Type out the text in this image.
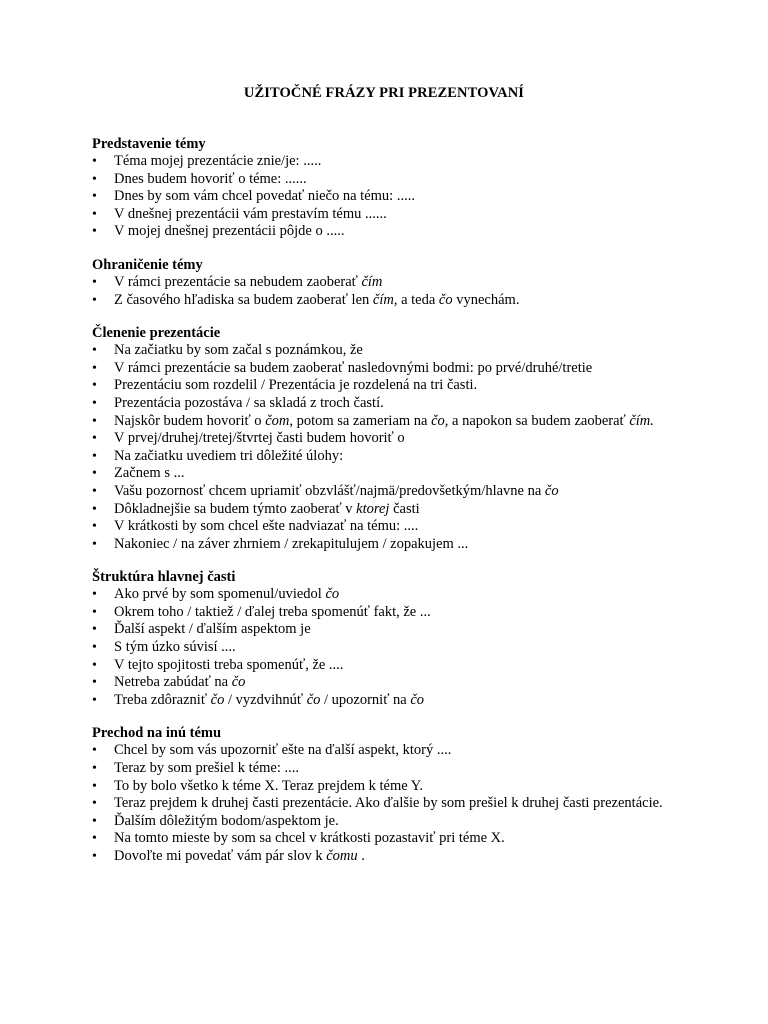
UŽITOČNÉ FRÁZY PRI PREZENTOVANÍ
Predstavenie témy
•	Téma mojej prezentácie znie/je: .....
•	Dnes budem hovoriť o téme: ......
•	Dnes by som vám chcel povedať niečo na tému: .....
•	V dnešnej prezentácii vám prestavím tému ......
•	V mojej dnešnej prezentácii pôjde o .....
Ohraničenie témy
•	V rámci prezentácie sa nebudem zaoberať čím
•	Z časového hľadiska sa budem zaoberať len čím, a teda čo vynechám.
Členenie prezentácie
•	Na začiatku by som začal s poznámkou, že
•	V rámci prezentácie sa budem zaoberať nasledovnými bodmi: po prvé/druhé/tretie
•	Prezentáciu som rozdelil / Prezentácia je rozdelená na tri časti.
•	Prezentácia pozostáva / sa skladá z troch častí.
•	Najskôr budem hovoriť o čom, potom sa zameriam na čo, a napokon sa budem zaoberať čím.
•	V prvej/druhej/tretej/štvrtej časti budem hovoriť o
•	Na začiatku uvediem tri dôležité úlohy:
•	Začnem s ...
•	Vašu pozornosť chcem upriamiť obzvlášť/najmä/predovšetkým/hlavne na čo
•	Dôkladnejšie sa budem týmto zaoberať v ktorej časti
•	V krátkosti by som chcel ešte nadviazať na tému: ....
•	Nakoniec / na záver zhrniem / zrekapitulujem / zopakujem ...
Štruktúra hlavnej časti
•	Ako prvé by som spomenul/uviedol čo
•	Okrem toho / taktiež / ďalej treba spomenúť fakt, že ...
•	Ďalší aspekt / ďalším aspektom je
•	S tým úzko súvisí ....
•	V tejto spojitosti treba spomenúť, že ....
•	Netreba zabúdať na čo
•	Treba zdôrazniť čo / vyzdvihnúť čo / upozorniť na čo
Prechod na inú tému
•	Chcel by som vás upozorniť ešte na ďalší aspekt, ktorý ....
•	Teraz by som prešiel k téme: ....
•	To by bolo všetko k téme X. Teraz prejdem k téme Y.
•	Teraz prejdem k druhej časti prezentácie. Ako ďalšie by som prešiel k druhej časti prezentácie.
•	Ďalším dôležitým bodom/aspektom je.
•	Na tomto mieste by som sa chcel v krátkosti pozastaviť pri téme X.
•	Dovoľte mi povedať vám pár slov k čomu .
